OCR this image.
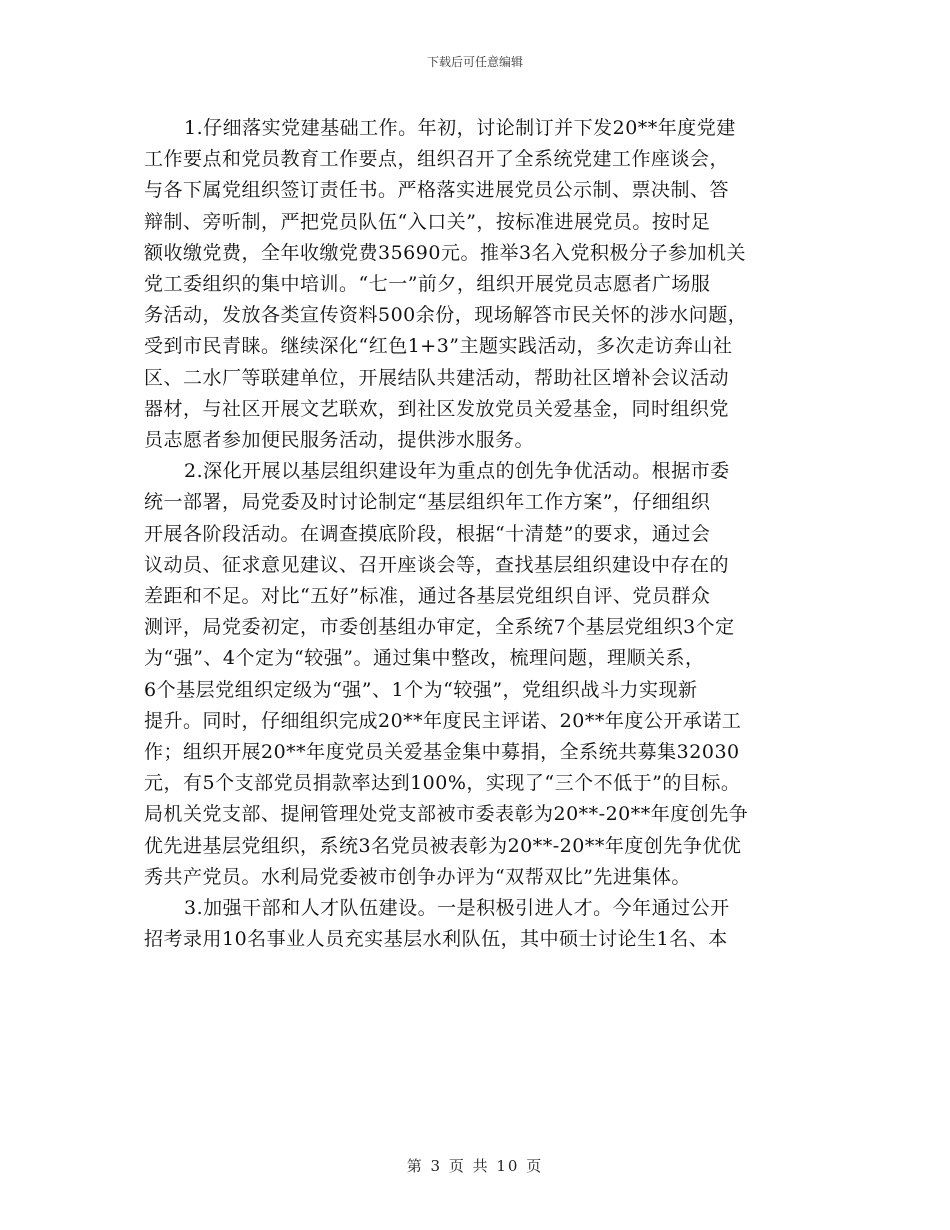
下载后可任意编辑
1.仔细落实党建基础工作。年初，讨论制订并下发20**年度党建
工作要点和党员教育工作要点，组织召开了全系统党建工作座谈会，
与各下属党组织签订责任书。严格落实进展党员公示制、票决制、答
辩制、旁听制，严把党员队伍“入口关”，按标准进展党员。按时足
额收缴党费，全年收缴党费35690元。推举3名入党积极分子参加机关
党工委组织的集中培训。“七一”前夕，组织开展党员志愿者广场服
务活动，发放各类宣传资料500余份，现场解答市民关怀的涉水问题，
受到市民青睐。继续深化“红色1+3”主题实践活动，多次走访奔山社
区、二水厂等联建单位，开展结队共建活动，帮助社区增补会议活动
器材，与社区开展文艺联欢，到社区发放党员关爱基金，同时组织党
员志愿者参加便民服务活动，提供涉水服务。
2.深化开展以基层组织建设年为重点的创先争优活动。根据市委
统一部署，局党委及时讨论制定“基层组织年工作方案”，仔细组织
开展各阶段活动。在调查摸底阶段，根据“十清楚”的要求，通过会
议动员、征求意见建议、召开座谈会等，查找基层组织建设中存在的
差距和不足。对比“五好”标准，通过各基层党组织自评、党员群众
测评，局党委初定，市委创基组办审定，全系统7个基层党组织3个定
为“强”、4个定为“较强”。通过集中整改，梳理问题，理顺关系，
6个基层党组织定级为“强”、1个为“较强”，党组织战斗力实现新
提升。同时，仔细组织完成20**年度民主评诺、20**年度公开承诺工
作；组织开展20**年度党员关爱基金集中募捐，全系统共募集32030
元，有5个支部党员捐款率达到100%，实现了“三个不低于”的目标。
局机关党支部、提闸管理处党支部被市委表彰为20**-20**年度创先争
优先进基层党组织，系统3名党员被表彰为20**-20**年度创先争优优
秀共产党员。水利局党委被市创争办评为“双帮双比”先进集体。
3.加强干部和人才队伍建设。一是积极引进人才。今年通过公开
招考录用10名事业人员充实基层水利队伍，其中硕士讨论生1名、本
第 3 页 共 10 页
